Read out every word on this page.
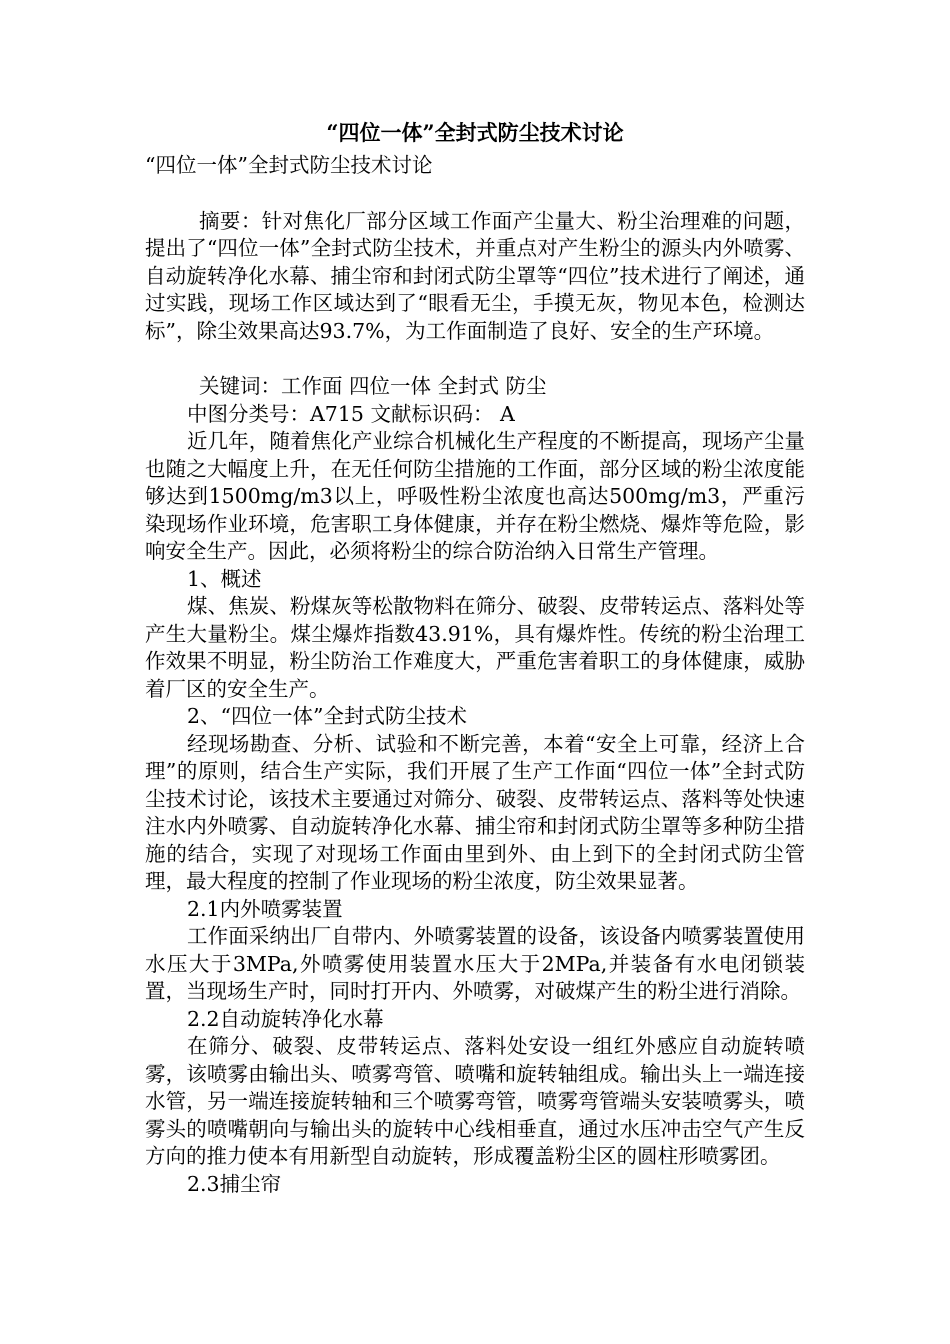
“四位一体”全封式防尘技术讨论

“四位一体”全封式防尘技术讨论

摘要：针对焦化厂部分区域工作面产尘量大、粉尘治理难的问题，提出了“四位一体”全封式防尘技术，并重点对产生粉尘的源头内外喷雾、自动旋转净化水幕、捕尘帘和封闭式防尘罩等“四位”技术进行了阐述，通过实践，现场工作区域达到了“眼看无尘，手摸无灰，物见本色，检测达标”，除尘效果高达93.7%，为工作面制造了良好、安全的生产环境。

关键词：工作面 四位一体 全封式 防尘

中图分类号：A715 文献标识码： A

近几年，随着焦化产业综合机械化生产程度的不断提高，现场产尘量也随之大幅度上升，在无任何防尘措施的工作面，部分区域的粉尘浓度能够达到1500mg/m3以上，呼吸性粉尘浓度也高达500mg/m3，严重污染现场作业环境，危害职工身体健康，并存在粉尘燃烧、爆炸等危险，影响安全生产。因此，必须将粉尘的综合防治纳入日常生产管理。

1、概述

煤、焦炭、粉煤灰等松散物料在筛分、破裂、皮带转运点、落料处等产生大量粉尘。煤尘爆炸指数43.91%，具有爆炸性。传统的粉尘治理工作效果不明显，粉尘防治工作难度大，严重危害着职工的身体健康，威胁着厂区的安全生产。

2、“四位一体”全封式防尘技术

经现场勘查、分析、试验和不断完善，本着“安全上可靠，经济上合理”的原则，结合生产实际，我们开展了生产工作面“四位一体”全封式防尘技术讨论，该技术主要通过对筛分、破裂、皮带转运点、落料等处快速注水内外喷雾、自动旋转净化水幕、捕尘帘和封闭式防尘罩等多种防尘措施的结合，实现了对现场工作面由里到外、由上到下的全封闭式防尘管理，最大程度的控制了作业现场的粉尘浓度，防尘效果显著。

2.1内外喷雾装置

工作面采纳出厂自带内、外喷雾装置的设备，该设备内喷雾装置使用水压大于3MPa,外喷雾使用装置水压大于2MPa,并装备有水电闭锁装置，当现场生产时，同时打开内、外喷雾，对破煤产生的粉尘进行消除。

2.2自动旋转净化水幕

在筛分、破裂、皮带转运点、落料处安设一组红外感应自动旋转喷雾，该喷雾由输出头、喷雾弯管、喷嘴和旋转轴组成。输出头上一端连接水管，另一端连接旋转轴和三个喷雾弯管，喷雾弯管端头安装喷雾头，喷雾头的喷嘴朝向与输出头的旋转中心线相垂直，通过水压冲击空气产生反方向的推力使本有用新型自动旋转，形成覆盖粉尘区的圆柱形喷雾团。

2.3捕尘帘
